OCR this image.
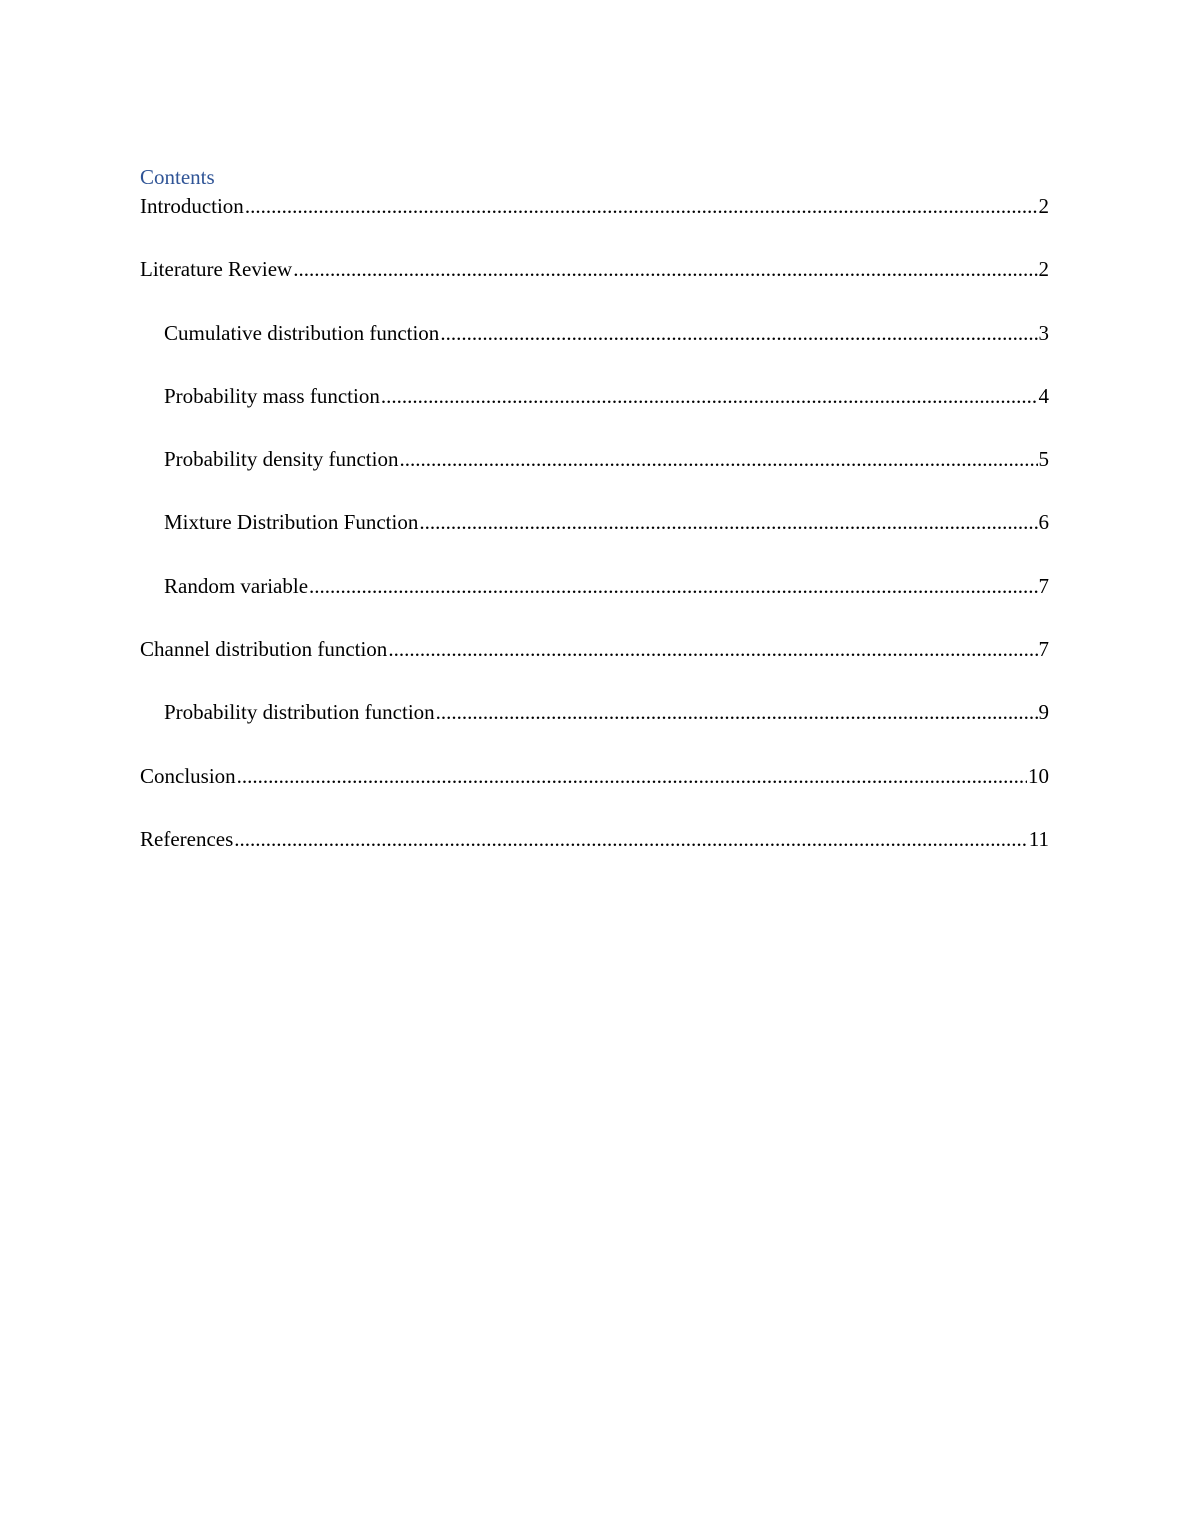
Contents
Introduction .....	2
Literature Review .....	2
Cumulative distribution function .....	3
Probability mass function .....	4
Probability density function .....	5
Mixture Distribution Function .....	6
Random variable .....	7
Channel distribution function .....	7
Probability distribution function .....	9
Conclusion .....	10
References .....	11
